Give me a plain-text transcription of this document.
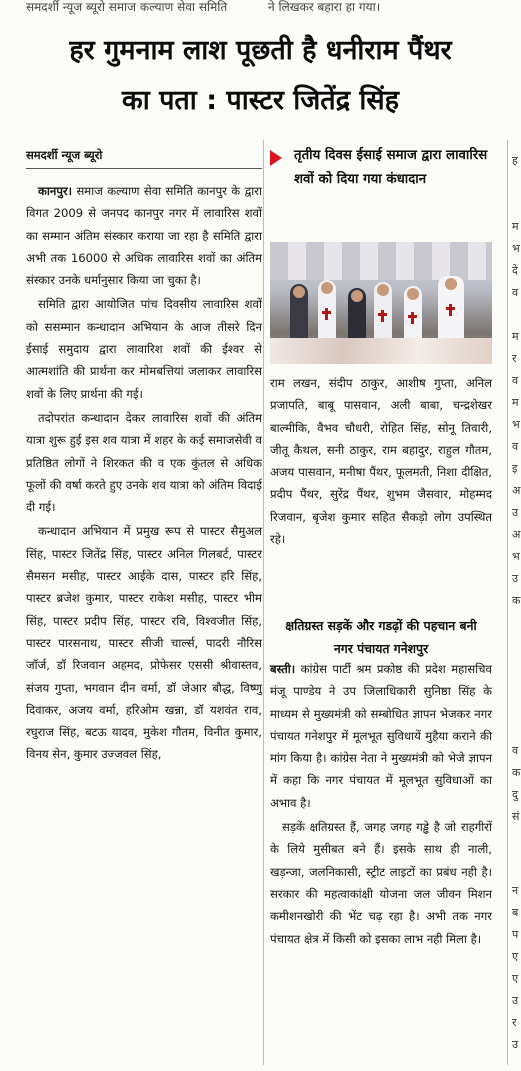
समदर्शी न्यूज ब्यूरो समाज कल्याण सेवा समिति	ने लिखकर बहारा हा गया।
हर गुमनाम लाश पूछती है धनीराम पैंथर
का पता : पास्टर जितेंद्र सिंह
समदर्शी न्यूज ब्यूरो

कानपुर। समाज कल्याण सेवा समिति कानपुर के द्वारा विगत 2009 से जनपद कानपुर नगर में लावारिस शवों का सम्मान अंतिम संस्कार कराया जा रहा है समिति द्वारा अभी तक 16000 से अधिक लावारिस शवों का अंतिम संस्कार उनके धर्मानुसार किया जा चुका है।

समिति द्वारा आयोजित पांच दिवसीय लावारिस शवों को ससम्मान कन्धादान अभियान के आज तीसरे दिन ईसाई समुदाय द्वारा लावारिश शवों की ईश्वर से आत्मशांति की प्रार्थना कर मोमबत्तियां जलाकर लावारिस शवों के लिए प्रार्थना की गई।

तदोपरांत कन्धादान देकर लावारिस शवों की अंतिम यात्रा शुरू हुई इस शव यात्रा में शहर के कई समाजसेवी व प्रतिष्ठित लोगों ने शिरकत की व एक कुंतल से अधिक फूलों की वर्षा करते हुए उनके शव यात्रा को अंतिम विदाई दी गई।

कन्धादान अभियान में प्रमुख रूप से पास्टर सैमुअल सिंह, पास्टर जितेंद्र सिंह, पास्टर अनिल गिलबर्ट, पास्टर सैमसन मसीह, पास्टर आईके दास, पास्टर हरि सिंह, पास्टर ब्रजेश कुमार, पास्टर राकेश मसीह, पास्टर भीम सिंह, पास्टर प्रदीप सिंह, पास्टर रवि, विश्वजीत सिंह, पास्टर पारसनाथ, पास्टर सीजी चार्ल्स, पादरी नौरिस जॉर्ज, डॉ रिजवान अहमद, प्रोफेसर एससी श्रीवास्तव, संजय गुप्ता, भगवान दीन वर्मा, डॉ जेआर बौद्ध, विष्णु दिवाकर, अजय वर्मा, हरिओम खन्ना, डॉ यशवंत राव, रघुराज सिंह, बटऊ यादव, मुकेश गौतम, विनीत कुमार, विनय सेन, कुमार उज्जवल सिंह,

तृतीय दिवस ईसाई समाज द्वारा लावारिस शवों को दिया गया कंधादान

राम लखन, संदीप ठाकुर, आशीष गुप्ता, अनिल प्रजापति, बाबू पासवान, अली बाबा, चन्द्रशेखर बाल्मीकि, वैभव चौधरी, रोहित सिंह, सोनू तिवारी, जीतू कैथल, सनी ठाकुर, राम बहादुर, राहुल गौतम, अजय पासवान, मनीषा पैंथर, फूलमती, निशा दीक्षित, प्रदीप पैंथर, सुरेंद्र पैंथर, शुभम जैसवार, मोहम्मद रिजवान, बृजेश कुमार सहित सैकड़ो लोग उपस्थित रहे।

क्षतिग्रस्त सड़कें और गडढ़ों की पहचान बनी नगर पंचायत गनेशपुर

बस्ती। कांग्रेस पार्टी श्रम प्रकोष्ठ की प्रदेश महासचिव मंजू पाण्डेय ने उप जिलाधिकारी सुनिष्ठा सिंह के माध्यम से मुख्यमंत्री को सम्बोधित ज्ञापन भेजकर नगर पंचायत गनेशपुर में मूलभूत सुविधायें मुहैया कराने की मांग किया है। कांग्रेस नेता ने मुख्यमंत्री को भेजे ज्ञापन में कहा कि नगर पंचायत में मूलभूत सुविधाओं का अभाव है।

सड़कें क्षतिग्रस्त हैं, जगह जगह गड्ढे है जो राहगीरों के लिये मुसीबत बने हैं। इसके साथ ही नाली, खड़न्जा, जलनिकासी, स्ट्रीट लाइटों का प्रबंध नही है। सरकार की महत्वाकांक्षी योजना जल जीवन मिशन कमीशनखोरी की भेंट चढ़ रहा है। अभी तक नगर पंचायत क्षेत्र में किसी को इसका लाभ नही मिला है।

ह
म
भ
दे
व

म
र
व
म
भ
व
इ
अ
उ
अ
भ
उ
क
व
क
दु
सं
न
ब
प
ए
ए
उ
र
उ
